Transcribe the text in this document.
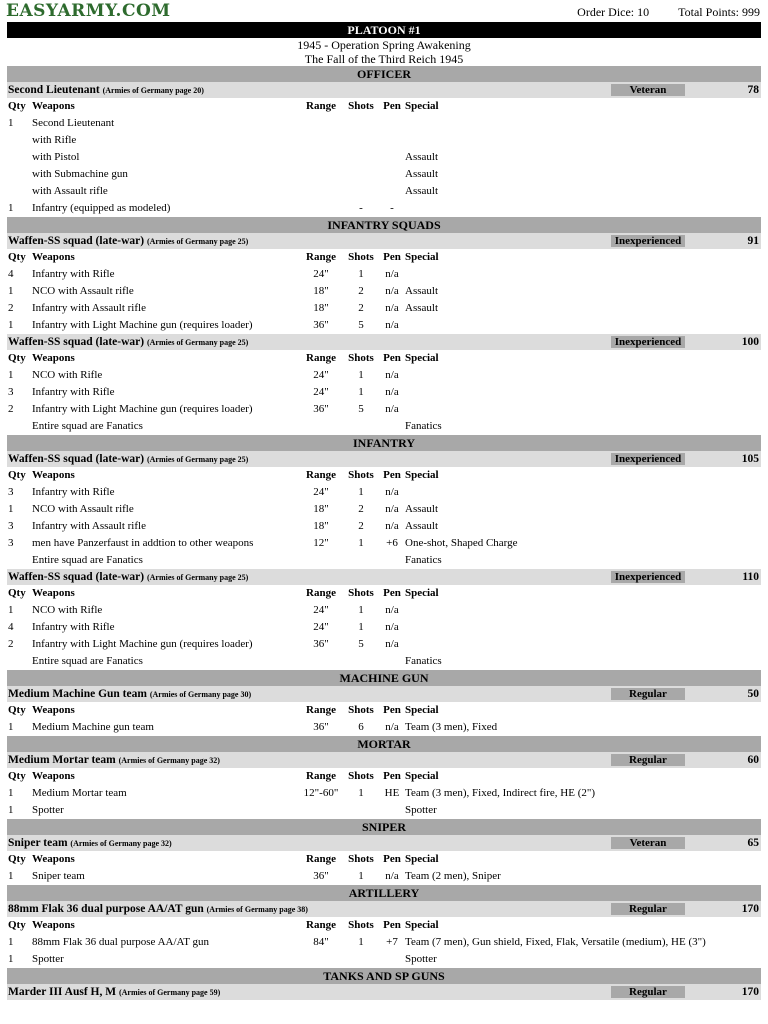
EASYARMY.COM	Order Dice: 10 Total Points: 999
PLATOON #1
1945 - Operation Spring Awakening
The Fall of the Third Reich 1945
OFFICER
Second Lieutenant (Armies of Germany page 20)	Veteran	78
Qty Weapons	Range	Shots Pen Special
1 Second Lieutenant
with Rifle
with Pistol	Assault
with Submachine gun	Assault
with Assault rifle	Assault
1 Infantry (equipped as modeled)	-	-
INFANTRY SQUADS
Waffen-SS squad (late-war) (Armies of Germany page 25)	Inexperienced	91
Qty Weapons	Range	Shots Pen Special
4 Infantry with Rifle	24"	1	n/a
1 NCO with Assault rifle	18"	2	n/a Assault
2 Infantry with Assault rifle	18"	2	n/a Assault
1 Infantry with Light Machine gun (requires loader)	36"	5	n/a
Waffen-SS squad (late-war) (Armies of Germany page 25)	Inexperienced	100
Qty Weapons	Range	Shots Pen Special
1 NCO with Rifle	24"	1	n/a
3 Infantry with Rifle	24"	1	n/a
2 Infantry with Light Machine gun (requires loader)	36"	5	n/a
Entire squad are Fanatics	Fanatics
INFANTRY
Waffen-SS squad (late-war) (Armies of Germany page 25)	Inexperienced	105
Qty Weapons	Range	Shots Pen Special
3 Infantry with Rifle	24"	1	n/a
1 NCO with Assault rifle	18"	2	n/a Assault
3 Infantry with Assault rifle	18"	2	n/a Assault
3 men have Panzerfaust in addtion to other weapons	12"	1	+6 One-shot, Shaped Charge
Entire squad are Fanatics	Fanatics
Waffen-SS squad (late-war) (Armies of Germany page 25)	Inexperienced	110
Qty Weapons	Range	Shots Pen Special
1 NCO with Rifle	24"	1	n/a
4 Infantry with Rifle	24"	1	n/a
2 Infantry with Light Machine gun (requires loader)	36"	5	n/a
Entire squad are Fanatics	Fanatics
MACHINE GUN
Medium Machine Gun team (Armies of Germany page 30)	Regular	50
Qty Weapons	Range	Shots Pen Special
1 Medium Machine gun team	36"	6	n/a Team (3 men), Fixed
MORTAR
Medium Mortar team (Armies of Germany page 32)	Regular	60
Qty Weapons	Range	Shots Pen Special
1 Medium Mortar team	12"-60"	1	HE Team (3 men), Fixed, Indirect fire, HE (2")
1 Spotter	Spotter
SNIPER
Sniper team (Armies of Germany page 32)	Veteran	65
Qty Weapons	Range	Shots Pen Special
1 Sniper team	36"	1	n/a Team (2 men), Sniper
ARTILLERY
88mm Flak 36 dual purpose AA/AT gun (Armies of Germany page 38)	Regular	170
Qty Weapons	Range	Shots Pen Special
1 88mm Flak 36 dual purpose AA/AT gun	84"	1	+7 Team (7 men), Gun shield, Fixed, Flak, Versatile (medium), HE (3")
1 Spotter	Spotter
TANKS AND SP GUNS
Marder III Ausf H, M (Armies of Germany page 59)	Regular	170
